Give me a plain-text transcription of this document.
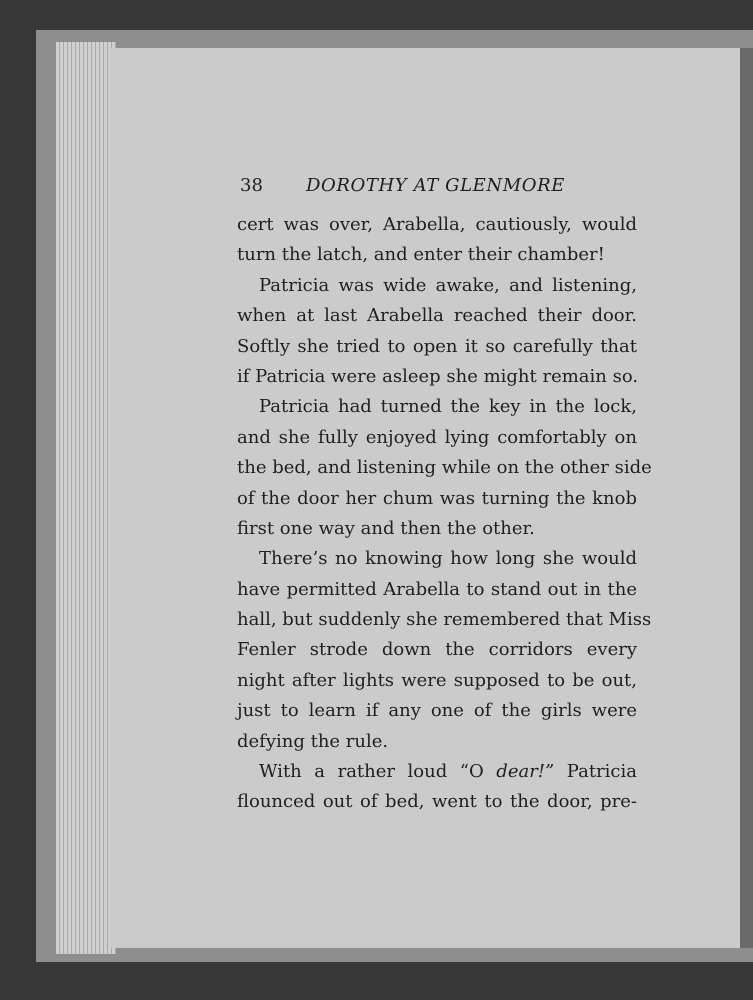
38 DOROTHY AT GLENMORE
cert was over, Arabella, cautiously, would
turn the latch, and enter their chamber!
Patricia was wide awake, and listening,
when at last Arabella reached their door.
Softly she tried to open it so carefully that
if Patricia were asleep she might remain so.
Patricia had turned the key in the lock,
and she fully enjoyed lying comfortably on
the bed, and listening while on the other side
of the door her chum was turning the knob
first one way and then the other.
There’s no knowing how long she would
have permitted Arabella to stand out in the
hall, but suddenly she remembered that Miss
Fenler strode down the corridors every
night after lights were supposed to be out,
just to learn if any one of the girls were
defying the rule.
With a rather loud “O dear!” Patricia
flounced out of bed, went to the door, pre-
